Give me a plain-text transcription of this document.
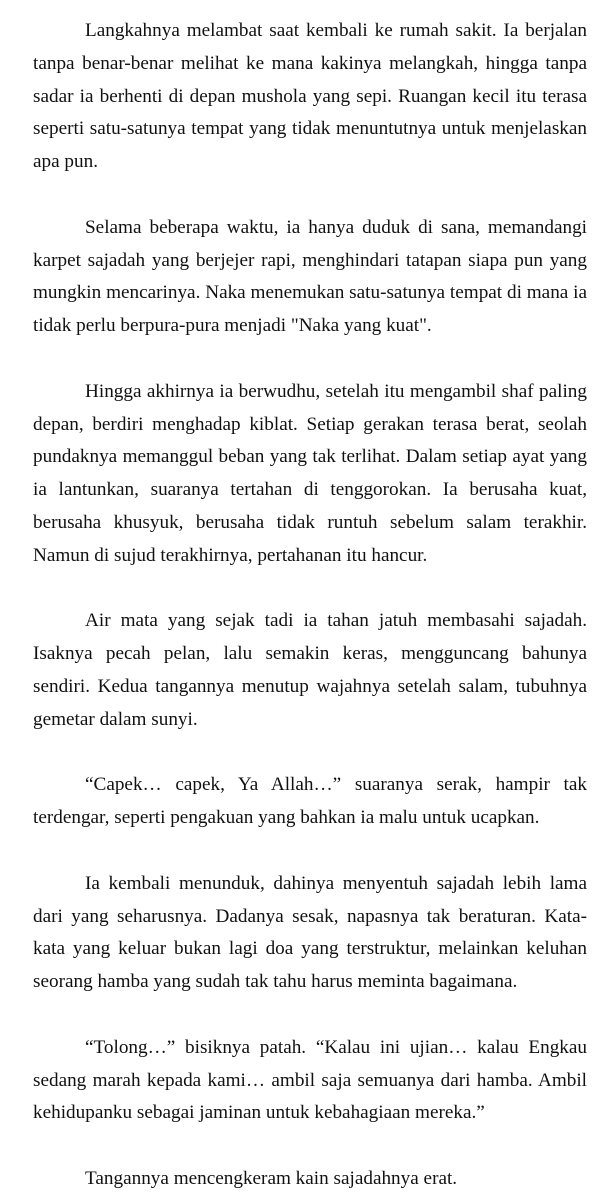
Langkahnya melambat saat kembali ke rumah sakit. Ia berjalan tanpa benar-benar melihat ke mana kakinya melangkah, hingga tanpa sadar ia berhenti di depan mushola yang sepi. Ruangan kecil itu terasa seperti satu-satunya tempat yang tidak menuntutnya untuk menjelaskan apa pun.

Selama beberapa waktu, ia hanya duduk di sana, memandangi karpet sajadah yang berjejer rapi, menghindari tatapan siapa pun yang mungkin mencarinya. Naka menemukan satu-satunya tempat di mana ia tidak perlu berpura-pura menjadi "Naka yang kuat".

Hingga akhirnya ia berwudhu, setelah itu mengambil shaf paling depan, berdiri menghadap kiblat. Setiap gerakan terasa berat, seolah pundaknya memanggul beban yang tak terlihat. Dalam setiap ayat yang ia lantunkan, suaranya tertahan di tenggorokan. Ia berusaha kuat, berusaha khusyuk, berusaha tidak runtuh sebelum salam terakhir. Namun di sujud terakhirnya, pertahanan itu hancur.

Air mata yang sejak tadi ia tahan jatuh membasahi sajadah. Isaknya pecah pelan, lalu semakin keras, mengguncang bahunya sendiri. Kedua tangannya menutup wajahnya setelah salam, tubuhnya gemetar dalam sunyi.

“Capek… capek, Ya Allah…” suaranya serak, hampir tak terdengar, seperti pengakuan yang bahkan ia malu untuk ucapkan.

Ia kembali menunduk, dahinya menyentuh sajadah lebih lama dari yang seharusnya. Dadanya sesak, napasnya tak beraturan. Kata-kata yang keluar bukan lagi doa yang terstruktur, melainkan keluhan seorang hamba yang sudah tak tahu harus meminta bagaimana.

“Tolong…” bisiknya patah. “Kalau ini ujian… kalau Engkau sedang marah kepada kami… ambil saja semuanya dari hamba. Ambil kehidupanku sebagai jaminan untuk kebahagiaan mereka.”

Tangannya mencengkeram kain sajadahnya erat.
